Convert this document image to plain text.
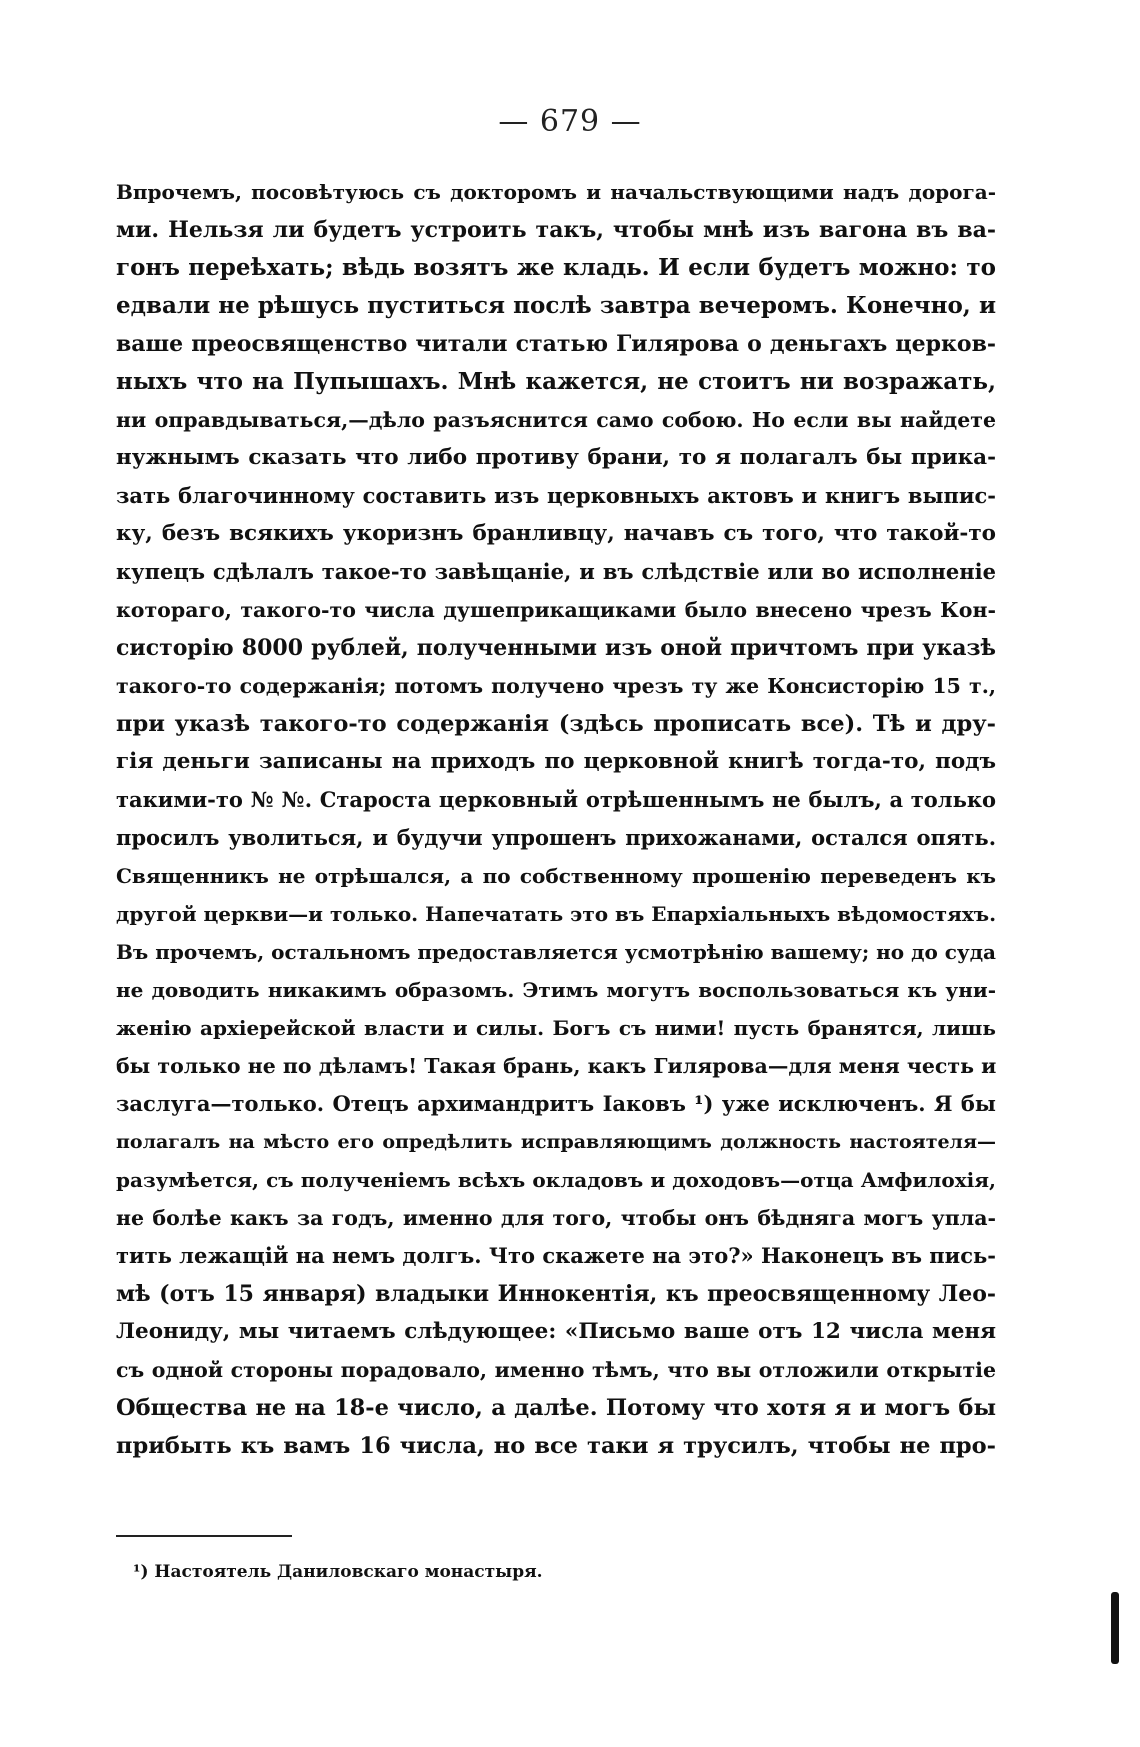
— 679 —
Впрочемъ, посовѣтуюсь съ докторомъ и начальствующими надъ дорога-
ми. Нельзя ли будетъ устроить такъ, чтобы мнѣ изъ вагона въ ва-
гонъ переѣхать; вѣдь возятъ же кладь. И если будетъ можно: то
едвали не рѣшусь пуститься послѣ завтра вечеромъ. Конечно, и
ваше преосвященство читали статью Гилярова о деньгахъ церков-
ныхъ что на Пупышахъ. Мнѣ кажется, не стоитъ ни возражать,
ни оправдываться,—дѣло разъяснится само собою. Но если вы найдете
нужнымъ сказать что либо противу брани, то я полагалъ бы прика-
зать благочинному составить изъ церковныхъ актовъ и книгъ выпис-
ку, безъ всякихъ укоризнъ бранливцу, начавъ съ того, что такой-то
купецъ сдѣлалъ такое-то завѣщаніе, и въ слѣдствіе или во исполненіе
котораго, такого-то числа душеприкащиками было внесено чрезъ Кон-
систорію 8000 рублей, полученными изъ оной причтомъ при указѣ
такого-то содержанія; потомъ получено чрезъ ту же Консисторію 15 т.,
при указѣ такого-то содержанія (здѣсь прописать все). Тѣ и дру-
гія деньги записаны на приходъ по церковной книгѣ тогда-то, подъ
такими-то № №. Староста церковный отрѣшеннымъ не былъ, а только
просилъ уволиться, и будучи упрошенъ прихожанами, остался опять.
Священникъ не отрѣшался, а по собственному прошенію переведенъ къ
другой церкви—и только. Напечатать это въ Епархіальныхъ вѣдомостяхъ.
Въ прочемъ, остальномъ предоставляется усмотрѣнію вашему; но до суда
не доводить никакимъ образомъ. Этимъ могутъ воспользоваться къ уни-
женію архіерейской власти и силы. Богъ съ ними! пусть бранятся, лишь
бы только не по дѣламъ! Такая брань, какъ Гилярова—для меня честь и
заслуга—только. Отецъ архимандритъ Іаковъ ¹) уже исключенъ. Я бы
полагалъ на мѣсто его опредѣлить исправляющимъ должность настоятеля—
разумѣется, съ полученіемъ всѣхъ окладовъ и доходовъ—отца Амфилохія,
не болѣе какъ за годъ, именно для того, чтобы онъ бѣдняга могъ упла-
тить лежащій на немъ долгъ. Что скажете на это?» Наконецъ въ пись-
мѣ (отъ 15 января) владыки Иннокентія, къ преосвященному Лео-
Леониду, мы читаемъ слѣдующее: «Письмо ваше отъ 12 числа меня
съ одной стороны порадовало, именно тѣмъ, что вы отложили открытіе
Общества не на 18-е число, а далѣе. Потому что хотя я и могъ бы
прибыть къ вамъ 16 числа, но все таки я трусилъ, чтобы не про-
¹) Настоятель Даниловскаго монастыря.
